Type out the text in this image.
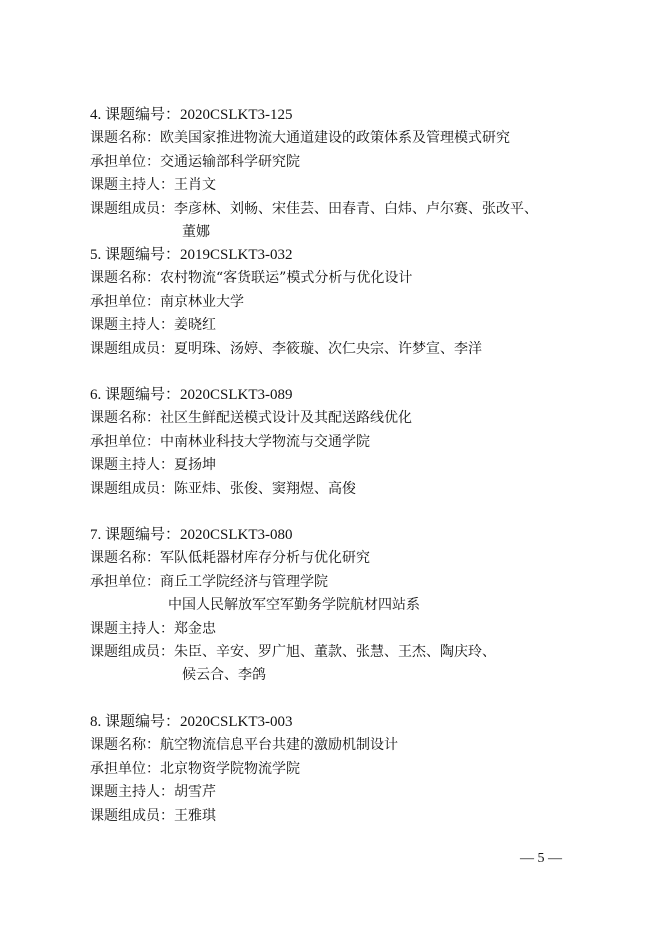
4. 课题编号：2020CSLKT3-125
课题名称：欧美国家推进物流大通道建设的政策体系及管理模式研究
承担单位：交通运输部科学研究院
课题主持人：王肖文
课题组成员：李彦林、刘畅、宋佳芸、田春青、白炜、卢尔赛、张改平、
董娜
5. 课题编号：2019CSLKT3-032
课题名称：农村物流“客货联运”模式分析与优化设计
承担单位：南京林业大学
课题主持人：姜晓红
课题组成员：夏明珠、汤婷、李筱璇、次仁央宗、许梦宣、李洋
6. 课题编号：2020CSLKT3-089
课题名称：社区生鲜配送模式设计及其配送路线优化
承担单位：中南林业科技大学物流与交通学院
课题主持人：夏扬坤
课题组成员：陈亚炜、张俊、窦翔煜、高俊
7. 课题编号：2020CSLKT3-080
课题名称：军队低耗器材库存分析与优化研究
承担单位：商丘工学院经济与管理学院
中国人民解放军空军勤务学院航材四站系
课题主持人：郑金忠
课题组成员：朱臣、辛安、罗广旭、董款、张慧、王杰、陶庆玲、
候云合、李鸽
8. 课题编号：2020CSLKT3-003
课题名称：航空物流信息平台共建的激励机制设计
承担单位：北京物资学院物流学院
课题主持人：胡雪芹
课题组成员：王雅琪
— 5 —
